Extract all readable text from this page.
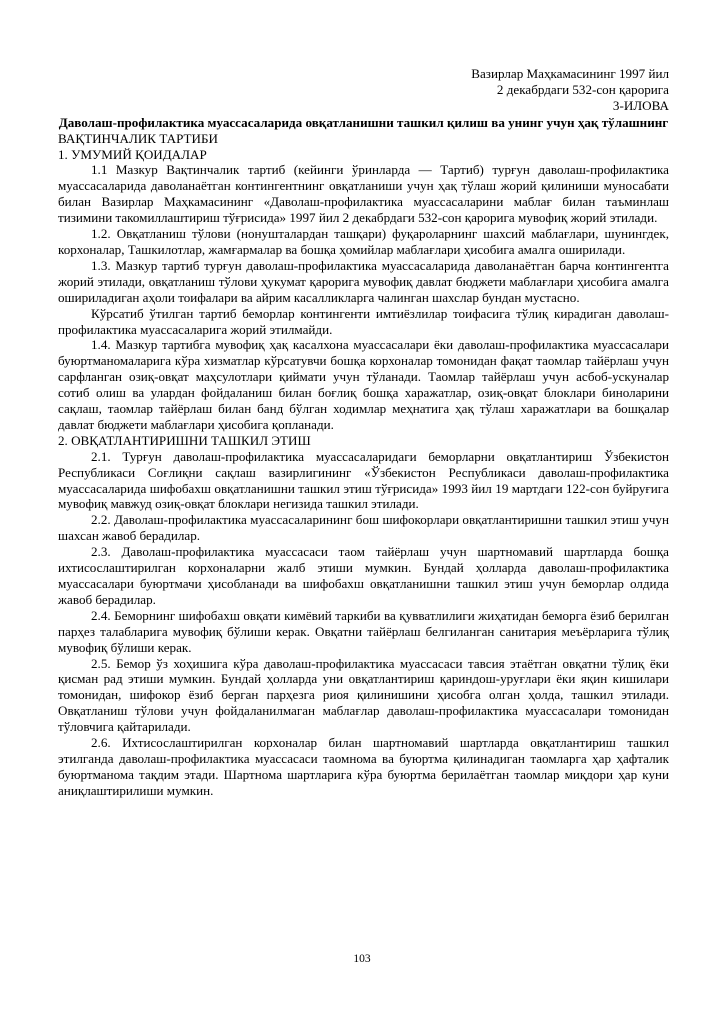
Вазирлар Маҳкамасининг 1997 йил
2 декабрдаги 532-сон қарорига
3-ИЛОВА
Даволаш-профилактика муассасаларида овқатланишни ташкил қилиш ва унинг учун ҳақ тўлашнинг
ВАҚТИНЧАЛИК ТАРТИБИ
1. УМУМИЙ ҚОИДАЛАР
1.1 Мазкур Вақтинчалик тартиб (кейинги ўринларда — Тартиб) турғун даволаш-профилактика муассасаларида даволанаётган контингентнинг овқатланиши учун ҳақ тўлаш жорий қилиниши муносабати билан Вазирлар Маҳкамасининг «Даволаш-профилактика муассасаларини маблағ билан таъминлаш тизимини такомиллаштириш тўғрисида» 1997 йил 2 декабрдаги 532-сон қарорига мувофиқ жорий этилади.
1.2. Овқатланиш тўлови (нонушталардан ташқари) фуқароларнинг шахсий маблағлари, шунингдек, корхоналар, Ташкилотлар, жамғармалар ва бошқа ҳомийлар маблағлари ҳисобига амалга оширилади.
1.3. Мазкур тартиб турғун даволаш-профилактика муассасаларида даволанаётган барча контингентга жорий этилади, овқатланиш тўлови ҳукумат қарорига мувофиқ давлат бюджети маблағлари ҳисобига амалга ошириладиган аҳоли тоифалари ва айрим касалликларга чалинган шахслар бундан мустасно.
Кўрсатиб ўтилган тартиб беморлар контингенти имтиёзлилар тоифасига тўлиқ кирадиган даволаш-профилактика муассасаларига жорий этилмайди.
1.4. Мазкур тартибга мувофиқ ҳақ касалхона муассасалари ёки даволаш-профилактика муассасалари буюртманомаларига кўра хизматлар кўрсатувчи бошқа корхоналар томонидан фақат таомлар тайёрлаш учун сарфланган озиқ-овқат маҳсулотлари қиймати учун тўланади. Таомлар тайёрлаш учун асбоб-ускуналар сотиб олиш ва улардан фойдаланиш билан боғлиқ бошқа харажатлар, озиқ-овқат блоклари биноларини сақлаш, таомлар тайёрлаш билан банд бўлган ходимлар меҳнатига ҳақ тўлаш харажатлари ва бошқалар давлат бюджети маблағлари ҳисобига қопланади.
2. ОВҚАТЛАНТИРИШНИ ТАШКИЛ ЭТИШ
2.1. Турғун даволаш-профилактика муассасаларидаги беморларни овқатлантириш Ўзбекистон Республикаси Соғлиқни сақлаш вазирлигининг «Ўзбекистон Республикаси даволаш-профилактика муассасаларида шифобахш овқатланишни ташкил этиш тўғрисида» 1993 йил 19 мартдаги 122-сон буйруғига мувофиқ мавжуд озиқ-овқат блоклари негизида ташкил этилади.
2.2. Даволаш-профилактика муассасаларининг бош шифокорлари овқатлантиришни ташкил этиш учун шахсан жавоб берадилар.
2.3. Даволаш-профилактика муассасаси таом тайёрлаш учун шартномавий шартларда бошқа ихтисослаштирилган корхоналарни жалб этиши мумкин. Бундай ҳолларда даволаш-профилактика муассасалари буюртмачи ҳисобланади ва шифобахш овқатланишни ташкил этиш учун беморлар олдида жавоб берадилар.
2.4. Беморнинг шифобахш овқати кимёвий таркиби ва қувватлилиги жиҳатидан беморга ёзиб берилган парҳез талабларига мувофиқ бўлиши керак. Овқатни тайёрлаш белгиланган санитария меъёрларига тўлиқ мувофиқ бўлиши керак.
2.5. Бемор ўз хоҳишига кўра даволаш-профилактика муассасаси тавсия этаётган овқатни тўлиқ ёки қисман рад этиши мумкин. Бундай ҳолларда уни овқатлантириш қариндош-уруғлари ёки яқин кишилари томонидан, шифокор ёзиб берган парҳезга риоя қилинишини ҳисобга олган ҳолда, ташкил этилади. Овқатланиш тўлови учун фойдаланилмаган маблағлар даволаш-профилактика муассасалари томонидан тўловчига қайтарилади.
2.6. Ихтисослаштирилган корхоналар билан шартномавий шартларда овқатлантириш ташкил этилганда даволаш-профилактика муассасаси таомнома ва буюртма қилинадиган таомларга ҳар ҳафталик буюртманома тақдим этади. Шартнома шартларига кўра буюртма берилаётган таомлар миқдори ҳар куни аниқлаштирилиши мумкин.
103
